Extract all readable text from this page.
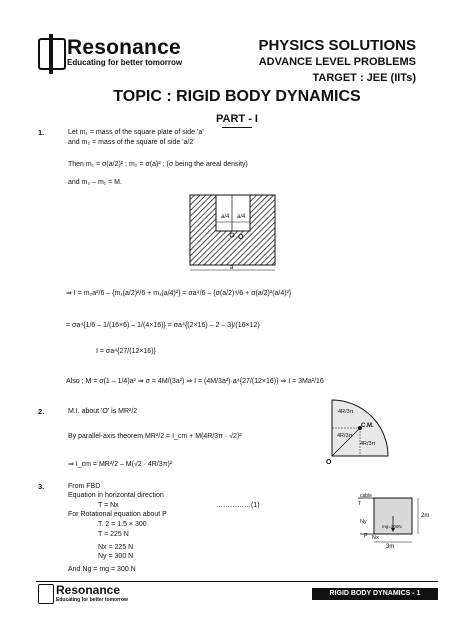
Resonance
Educating for better tomorrow
PHYSICS SOLUTIONS
ADVANCE LEVEL PROBLEMS
TARGET : JEE (IITs)
TOPIC : RIGID BODY DYNAMICS
PART - I
1.	Let m₁ = mass of the square plate of side 'a'
and m₂ = mass of the square of side 'a/2'
Then m₁ = σ(a/2)² ; m₂ = σ(a)² ; (σ being the areal density)
and m₂ – m₁ = M.
a/4 a/4
O
a
⇒ I = m₂a²/6 – {m₁(a/2)²/6 + m₁(a/4)²} = σa⁴/6 – {σ(a/2)⁴/6 + σ(a/2)²(a/4)²}
= σa⁴{1/6 – 1/(16×6) – 1/(4×16)} = σa⁴{(2×16) – 2 – 3}/(16×12)
I = σa⁴{27/(12×16)}
Also ; M = σ(1 – 1/4)a² ⇒ σ = 4M/(3a²) ⇒ I = (4M/3a²)·a⁴{27/(12×16)} ⇒ I = 3Ma²/16
2.	M.I. about 'O' is MR²/2
By parallel-axis theorem MR²/2 = I_cm + M(4R/3π · √2)²
⇒ I_cm = MR²/2 – M(√2 · 4R/3π)²
4R/3π
C.M.
4R/3π
4R/3π
O
3.	From FBD
Equation in horizontal direction
T = Nx	……………(1)
For Rotational equation about P
T. 2 = 1.5 × 300
T = 225 N
Nx = 225 N
Ny = 300 N
And Ng = mg = 300 N
cable
T
Ny
mg=300N
P Nx
2m
3m
Resonance
Educating for better tomorrow
RIGID BODY DYNAMICS - 1
